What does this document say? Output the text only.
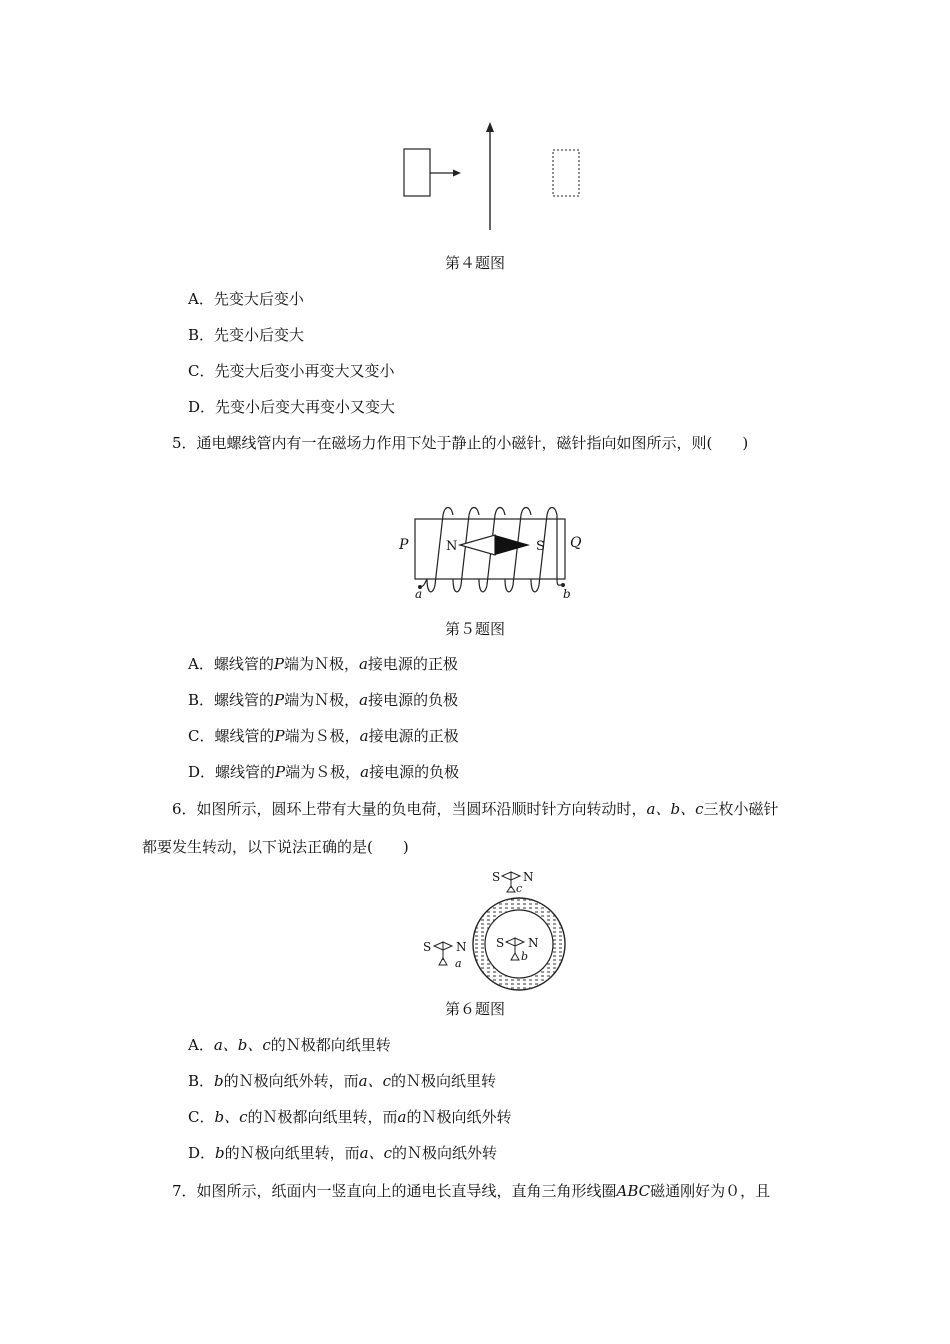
第４题图
A．先变大后变小
B．先变小后变大
C．先变大后变小再变大又变小
D．先变小后变大再变小又变大
5．通电螺线管内有一在磁场力作用下处于静止的小磁针，磁针指向如图所示，则(　　)
P	Q
N	S
a	b
第５题图
A．螺线管的P端为Ｎ极，a接电源的正极
B．螺线管的P端为Ｎ极，a接电源的负极
C．螺线管的P端为Ｓ极，a接电源的正极
D．螺线管的P端为Ｓ极，a接电源的负极
6．如图所示，圆环上带有大量的负电荷，当圆环沿顺时针方向转动时，a、b、c三枚小磁针
都要发生转动，以下说法正确的是(　　)
S N
c
S N
b
S N
a
第６题图
A．a、b、c的Ｎ极都向纸里转
B．b的Ｎ极向纸外转，而a、c的Ｎ极向纸里转
C．b、c的Ｎ极都向纸里转，而a的Ｎ极向纸外转
D．b的Ｎ极向纸里转，而a、c的Ｎ极向纸外转
7．如图所示，纸面内一竖直向上的通电长直导线，直角三角形线圈ABC磁通刚好为０，且
